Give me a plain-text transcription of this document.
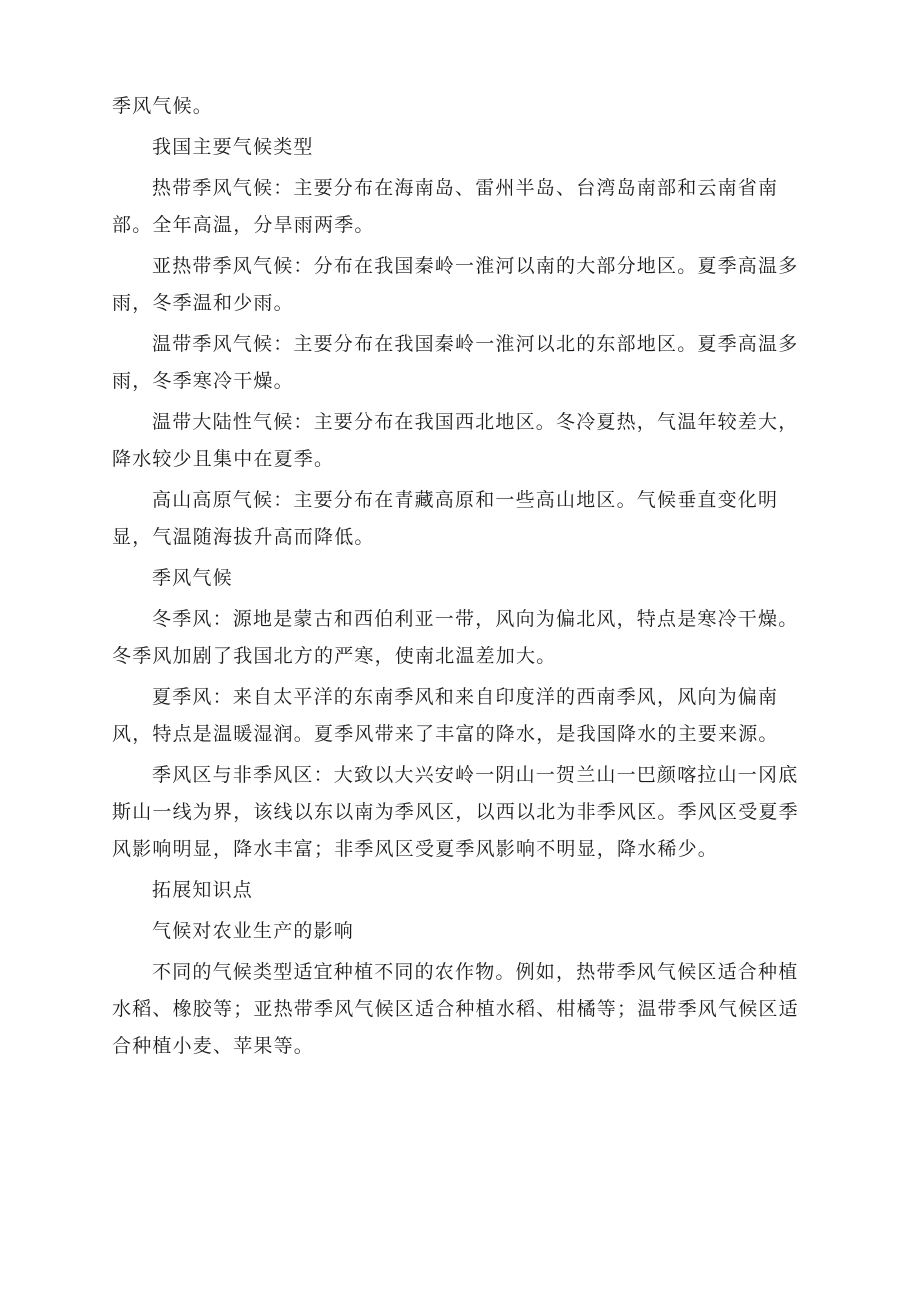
季风气候。

我国主要气候类型

热带季风气候：主要分布在海南岛、雷州半岛、台湾岛南部和云南省南部。全年高温，分旱雨两季。

亚热带季风气候：分布在我国秦岭一淮河以南的大部分地区。夏季高温多雨，冬季温和少雨。

温带季风气候：主要分布在我国秦岭一淮河以北的东部地区。夏季高温多雨，冬季寒冷干燥。

温带大陆性气候：主要分布在我国西北地区。冬冷夏热，气温年较差大，降水较少且集中在夏季。

高山高原气候：主要分布在青藏高原和一些高山地区。气候垂直变化明显，气温随海拔升高而降低。

季风气候

冬季风：源地是蒙古和西伯利亚一带，风向为偏北风，特点是寒冷干燥。冬季风加剧了我国北方的严寒，使南北温差加大。

夏季风：来自太平洋的东南季风和来自印度洋的西南季风，风向为偏南风，特点是温暖湿润。夏季风带来了丰富的降水，是我国降水的主要来源。

季风区与非季风区：大致以大兴安岭一阴山一贺兰山一巴颜喀拉山一冈底斯山一线为界，该线以东以南为季风区，以西以北为非季风区。季风区受夏季风影响明显，降水丰富；非季风区受夏季风影响不明显，降水稀少。

拓展知识点

气候对农业生产的影响

不同的气候类型适宜种植不同的农作物。例如，热带季风气候区适合种植水稻、橡胶等；亚热带季风气候区适合种植水稻、柑橘等；温带季风气候区适合种植小麦、苹果等。
